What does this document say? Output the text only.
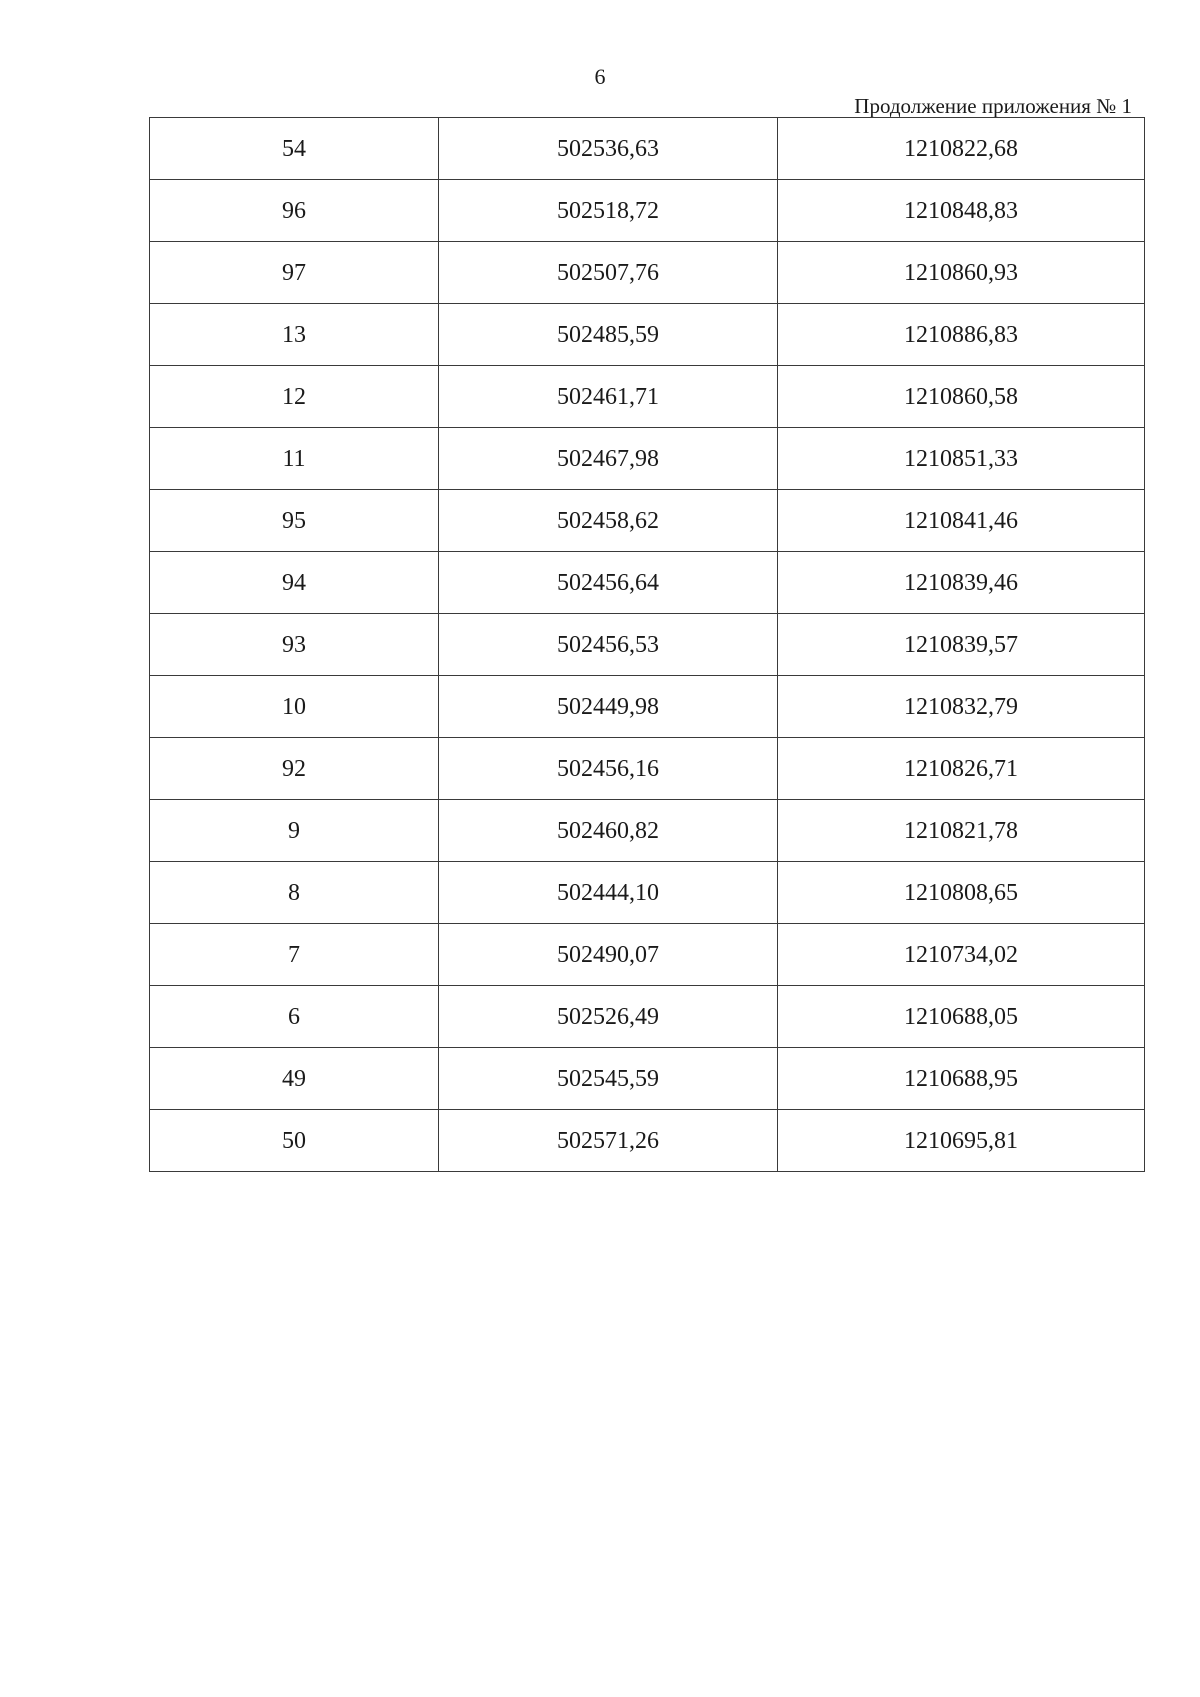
6
Продолжение приложения № 1
54	502536,63	1210822,68
96	502518,72	1210848,83
97	502507,76	1210860,93
13	502485,59	1210886,83
12	502461,71	1210860,58
11	502467,98	1210851,33
95	502458,62	1210841,46
94	502456,64	1210839,46
93	502456,53	1210839,57
10	502449,98	1210832,79
92	502456,16	1210826,71
9	502460,82	1210821,78
8	502444,10	1210808,65
7	502490,07	1210734,02
6	502526,49	1210688,05
49	502545,59	1210688,95
50	502571,26	1210695,81
